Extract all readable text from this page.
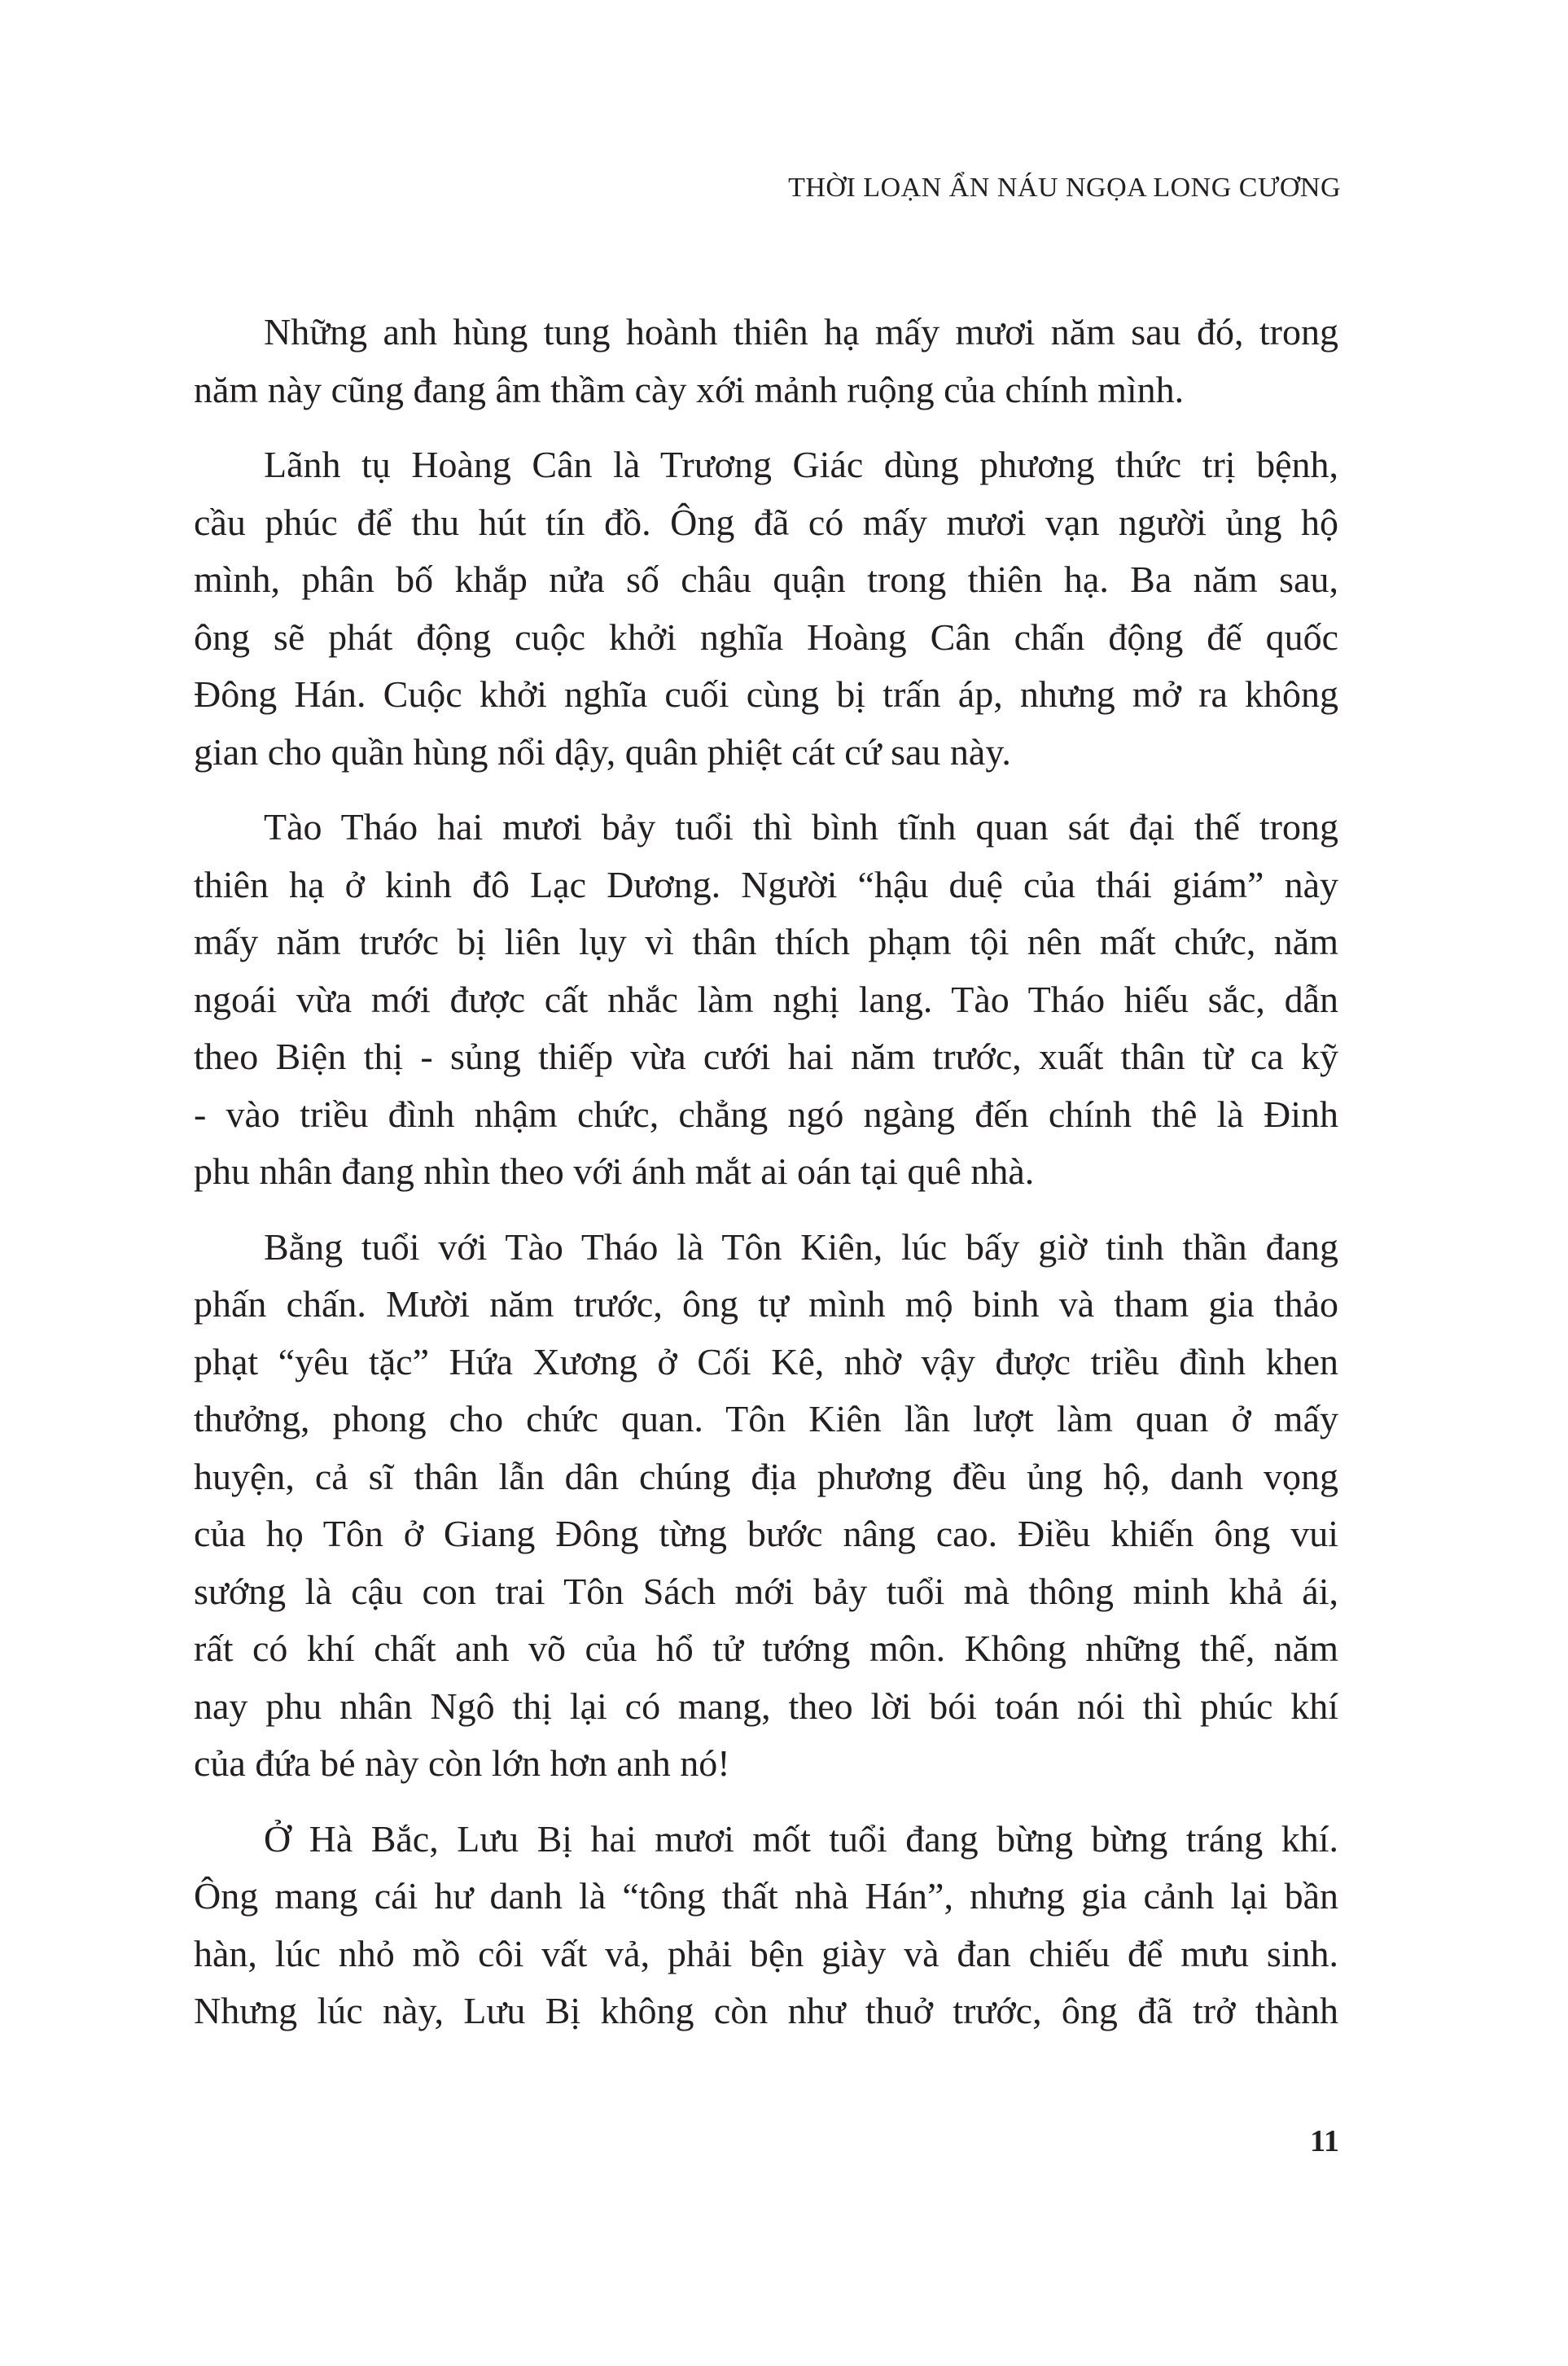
THỜI LOẠN ẨN NÁU NGỌA LONG CƯƠNG

Những anh hùng tung hoành thiên hạ mấy mươi năm sau đó, trong
năm này cũng đang âm thầm cày xới mảnh ruộng của chính mình.

Lãnh tụ Hoàng Cân là Trương Giác dùng phương thức trị bệnh,
cầu phúc để thu hút tín đồ. Ông đã có mấy mươi vạn người ủng hộ
mình, phân bố khắp nửa số châu quận trong thiên hạ. Ba năm sau,
ông sẽ phát động cuộc khởi nghĩa Hoàng Cân chấn động đế quốc
Đông Hán. Cuộc khởi nghĩa cuối cùng bị trấn áp, nhưng mở ra không
gian cho quần hùng nổi dậy, quân phiệt cát cứ sau này.

Tào Tháo hai mươi bảy tuổi thì bình tĩnh quan sát đại thế trong
thiên hạ ở kinh đô Lạc Dương. Người “hậu duệ của thái giám” này
mấy năm trước bị liên lụy vì thân thích phạm tội nên mất chức, năm
ngoái vừa mới được cất nhắc làm nghị lang. Tào Tháo hiếu sắc, dẫn
theo Biện thị - sủng thiếp vừa cưới hai năm trước, xuất thân từ ca kỹ
- vào triều đình nhậm chức, chẳng ngó ngàng đến chính thê là Đinh
phu nhân đang nhìn theo với ánh mắt ai oán tại quê nhà.

Bằng tuổi với Tào Tháo là Tôn Kiên, lúc bấy giờ tinh thần đang
phấn chấn. Mười năm trước, ông tự mình mộ binh và tham gia thảo
phạt “yêu tặc” Hứa Xương ở Cối Kê, nhờ vậy được triều đình khen
thưởng, phong cho chức quan. Tôn Kiên lần lượt làm quan ở mấy
huyện, cả sĩ thân lẫn dân chúng địa phương đều ủng hộ, danh vọng
của họ Tôn ở Giang Đông từng bước nâng cao. Điều khiến ông vui
sướng là cậu con trai Tôn Sách mới bảy tuổi mà thông minh khả ái,
rất có khí chất anh võ của hổ tử tướng môn. Không những thế, năm
nay phu nhân Ngô thị lại có mang, theo lời bói toán nói thì phúc khí
của đứa bé này còn lớn hơn anh nó!

Ở Hà Bắc, Lưu Bị hai mươi mốt tuổi đang bừng bừng tráng khí.
Ông mang cái hư danh là “tông thất nhà Hán”, nhưng gia cảnh lại bần
hàn, lúc nhỏ mồ côi vất vả, phải bện giày và đan chiếu để mưu sinh.
Nhưng lúc này, Lưu Bị không còn như thuở trước, ông đã trở thành

11
